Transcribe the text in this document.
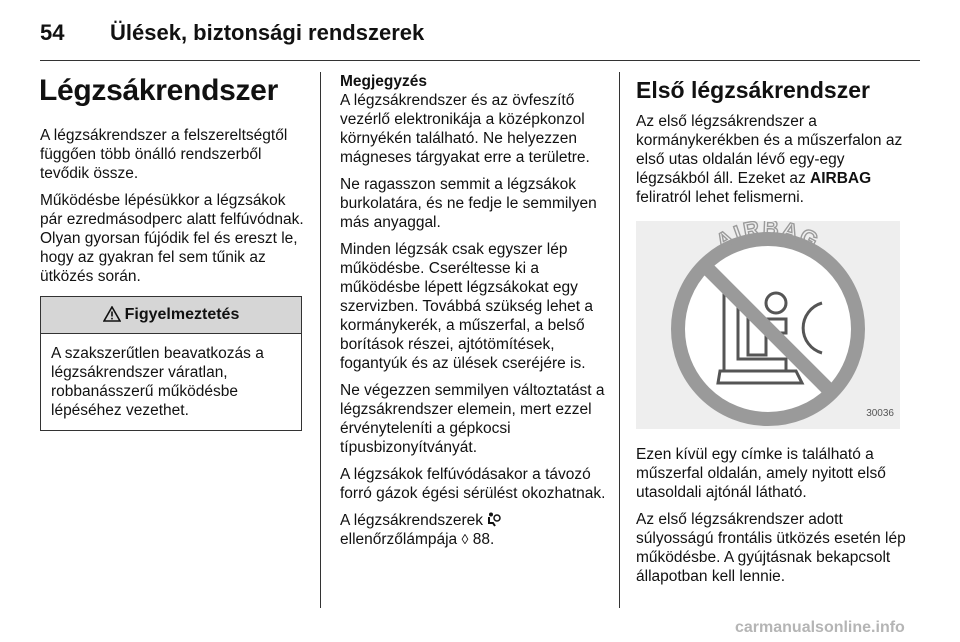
54 Ülések, biztonsági rendszerek
Légzsákrendszer

A légzsákrendszer a felszereltségtől függően több önálló rendszerből tevődik össze.

Működésbe lépésükkor a légzsákok pár ezredmásodperc alatt felfúvódnak. Olyan gyorsan fújódik fel és ereszt le, hogy az gyakran fel sem tűnik az ütközés során.

Figyelmeztetés

A szakszerűtlen beavatkozás a légzsákrendszer váratlan, robbanásszerű működésbe lépéséhez vezethet.

Megjegyzés

A légzsákrendszer és az övfeszítő vezérlő elektronikája a középkonzol környékén található. Ne helyezzen mágneses tárgyakat erre a területre.

Ne ragasszon semmit a légzsákok burkolatára, és ne fedje le semmilyen más anyaggal.

Minden légzsák csak egyszer lép működésbe. Cseréltesse ki a működésbe lépett légzsákokat egy szervizben. Továbbá szükség lehet a kormánykerék, a műszerfal, a belső borítások részei, ajtótömítések, fogantyúk és az ülések cseréjére is.

Ne végezzen semmilyen változtatást a légzsákrendszer elemein, mert ezzel érvényteleníti a gépkocsi típusbizonyítványát.

A légzsákok felfúvódásakor a távozó forró gázok égési sérülést okozhatnak.

A légzsákrendszerek  ellenőrzőlámpája ◊ 88.

Első légzsákrendszer

Az első légzsákrendszer a kormánykerékben és a műszerfalon az első utas oldalán lévő egy-egy légzsákból áll. Ezeket az AIRBAG feliratról lehet felismerni.

AIRBAG
30036

Ezen kívül egy címke is található a műszerfal oldalán, amely nyitott első utasoldali ajtónál látható.

Az első légzsákrendszer adott súlyosságú frontális ütközés esetén lép működésbe. A gyújtásnak bekapcsolt állapotban kell lennie.

carmanualsonline.info
